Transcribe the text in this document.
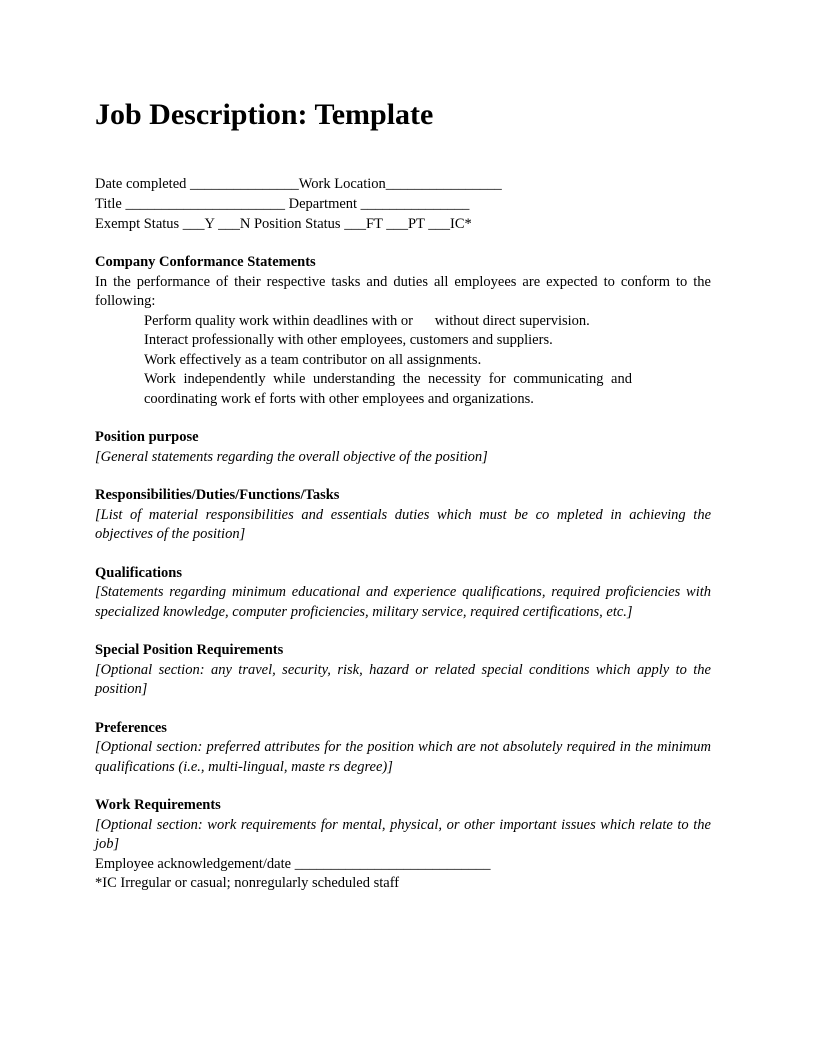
Job Description: Template
Date completed _______________Work Location________________
Title ______________________ Department _______________
Exempt Status ___Y ___N Position Status ___FT ___PT ___IC*
Company Conformance Statements
In the performance of their respective tasks and duties all employees are expected to conform to the following:
Perform quality work within deadlines with or      without direct supervision.
Interact professionally with other employees, customers and suppliers.
Work effectively as a team contributor on all assignments.
Work independently while understanding the necessity for communicating and coordinating work ef forts with other employees and organizations.
Position purpose
[General statements regarding the overall objective of the position]
Responsibilities/Duties/Functions/Tasks
[List of material responsibilities and essentials duties which must be co mpleted in achieving the objectives of the position]
Qualifications
[Statements regarding minimum educational and experience qualifications, required proficiencies with specialized knowledge, computer proficiencies, military service, required certifications, etc.]
Special Position Requirements
[Optional section: any travel, security, risk, hazard or related special conditions which apply to the position]
Preferences
[Optional section: preferred attributes for the position which are not absolutely required in the minimum qualifications (i.e., multi-lingual, maste rs degree)]
Work Requirements
[Optional section: work requirements for mental, physical, or other important issues which relate to the job]
Employee acknowledgement/date ___________________________
*IC Irregular or casual; nonregularly scheduled staff
